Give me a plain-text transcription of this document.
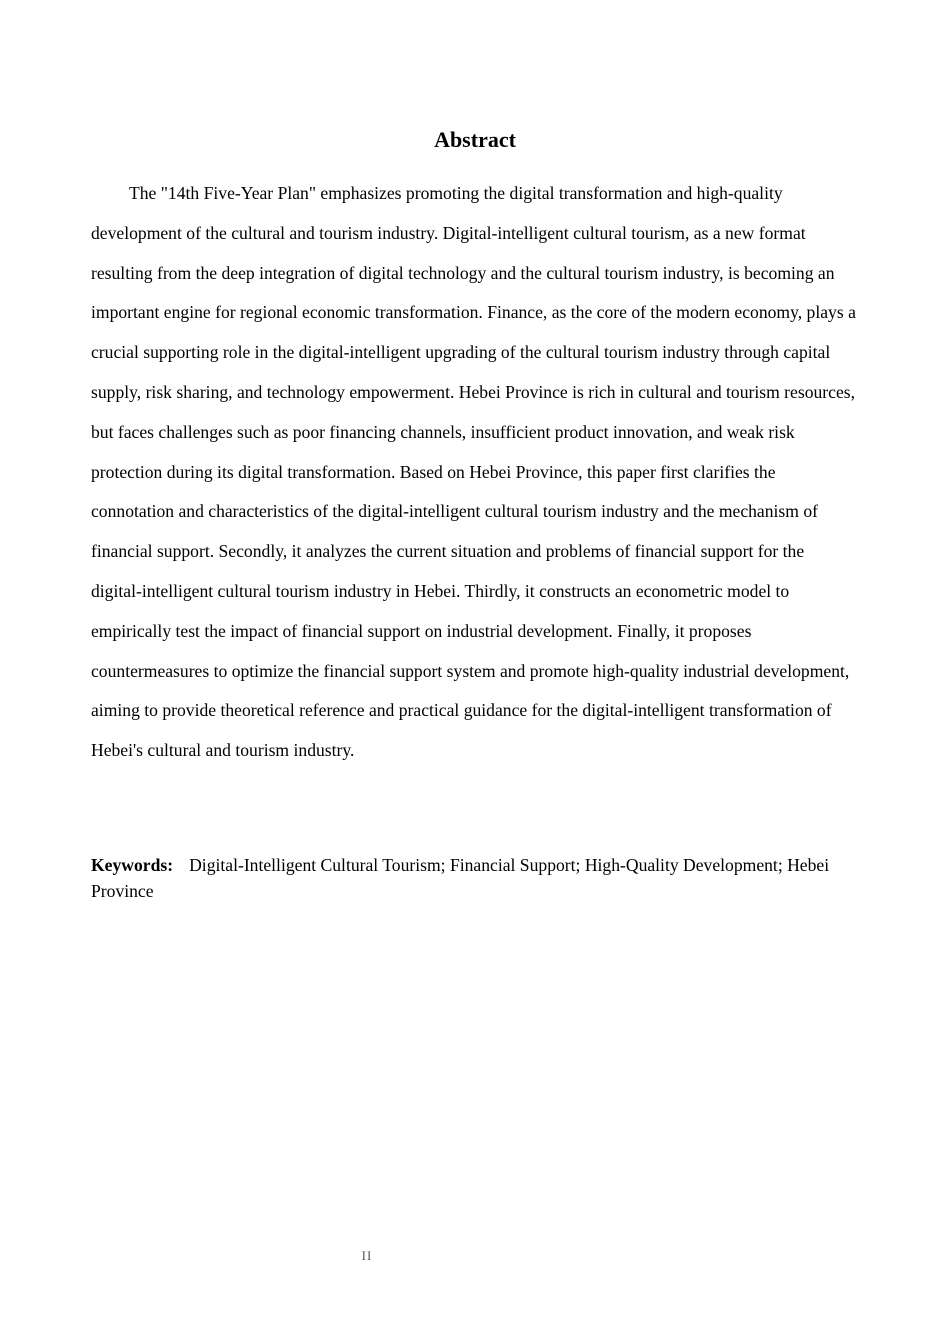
Abstract

The "14th Five-Year Plan" emphasizes promoting the digital transformation and high-quality development of the cultural and tourism industry. Digital-intelligent cultural tourism, as a new format resulting from the deep integration of digital technology and the cultural tourism industry, is becoming an important engine for regional economic transformation. Finance, as the core of the modern economy, plays a crucial supporting role in the digital-intelligent upgrading of the cultural tourism industry through capital supply, risk sharing, and technology empowerment. Hebei Province is rich in cultural and tourism resources, but faces challenges such as poor financing channels, insufficient product innovation, and weak risk protection during its digital transformation. Based on Hebei Province, this paper first clarifies the connotation and characteristics of the digital-intelligent cultural tourism industry and the mechanism of financial support. Secondly, it analyzes the current situation and problems of financial support for the digital-intelligent cultural tourism industry in Hebei. Thirdly, it constructs an econometric model to empirically test the impact of financial support on industrial development. Finally, it proposes countermeasures to optimize the financial support system and promote high-quality industrial development, aiming to provide theoretical reference and practical guidance for the digital-intelligent transformation of Hebei's cultural and tourism industry.

Keywords: Digital-Intelligent Cultural Tourism; Financial Support; High-Quality Development; Hebei Province

II
